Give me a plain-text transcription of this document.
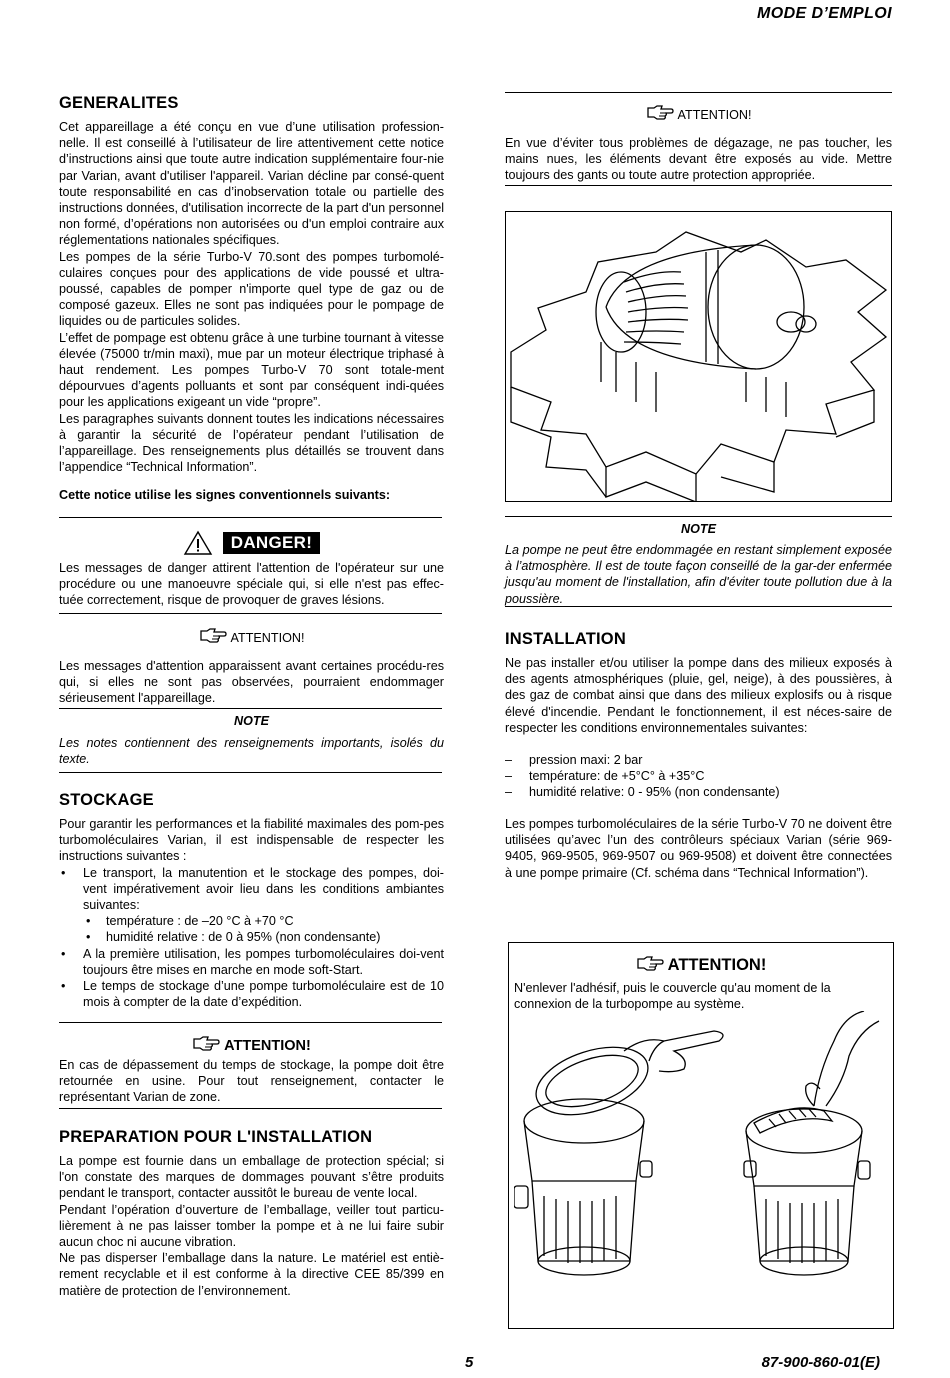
MODE D’EMPLOI
GENERALITES

Cet appareillage a été conçu en vue d’une utilisation profession-nelle. Il est conseillé à l’utilisateur de lire attentivement cette notice d’instructions ainsi que toute autre indication supplémentaire four-nie par Varian, avant d'utiliser l'appareil. Varian décline par consé-quent toute responsabilité en cas d’inobservation totale ou partielle des instructions données, d'utilisation incorrecte de la part d'un personnel non formé, d’opérations non autorisées ou d'un emploi contraire aux réglementations nationales spécifiques.

Les pompes de la série Turbo-V 70.sont des pompes turbomolé-culaires conçues pour des applications de vide poussé et ultra-poussé, capables de pomper n'importe quel type de gaz ou de composé gazeux. Elles ne sont pas indiquées pour le pompage de liquides ou de particules solides.

L’effet de pompage est obtenu grâce à une turbine tournant à vitesse élevée (75000 tr/min maxi), mue par un moteur électrique triphasé à haut rendement. Les pompes Turbo-V 70 sont totale-ment dépourvues d’agents polluants et sont par conséquent indi-quées pour les applications exigeant un vide “propre”.

Les paragraphes suivants donnent toutes les indications nécessaires à garantir la sécurité de l’opérateur pendant l’utilisation de l’appareillage. Des renseignements plus détaillés se trouvent dans l’appendice “Technical Information”.

Cette notice utilise les signes conventionnels suivants:

DANGER!

Les messages de danger attirent l'attention de l'opérateur sur une procédure ou une manoeuvre spéciale qui, si elle n'est pas effec-tuée correctement, risque de provoquer de graves lésions.

ATTENTION!

Les messages d'attention apparaissent avant certaines procédu-res qui, si elles ne sont pas observées, pourraient endommager sérieusement l'appareillage.

NOTE

Les notes contiennent des renseignements importants, isolés du texte.

STOCKAGE

Pour garantir les performances et la fiabilité maximales des pom-pes turbomoléculaires Varian, il est indispensable de respecter les instructions suivantes :

• Le transport, la manutention et le stockage des pompes, doi-vent impérativement avoir lieu dans les conditions ambiantes suivantes:
• température : de –20 °C à +70 °C
• humidité relative : de 0 à 95% (non condensante)
• A la première utilisation, les pompes turbomoléculaires doi-vent toujours être mises en marche en mode soft-Start.
• Le temps de stockage d’une pompe turbomoléculaire est de 10 mois à compter de la date d’expédition.
ATTENTION!

En cas de dépassement du temps de stockage, la pompe doit être retournée en usine. Pour tout renseignement, contacter le représentant Varian de zone.

PREPARATION POUR L'INSTALLATION

La pompe est fournie dans un emballage de protection spécial; si l'on constate des marques de dommages pouvant s’être produits pendant le transport, contacter aussitôt le bureau de vente local.

Pendant l’opération d’ouverture de l’emballage, veiller tout particu-lièrement à ne pas laisser tomber la pompe et à ne lui faire subir aucun choc ni aucune vibration.

Ne pas disperser l’emballage dans la nature. Le matériel est entiè-rement recyclable et il est conforme à la directive CEE 85/399 en matière de protection de l’environnement.

ATTENTION!

En vue d’éviter tous problèmes de dégazage, ne pas toucher, les mains nues, les éléments devant être exposés au vide. Mettre toujours des gants ou toute autre protection appropriée.

NOTE

La pompe ne peut être endommagée en restant simplement exposée à l’atmosphère. Il est de toute façon conseillé de la gar-der enfermée jusqu'au moment de l'installation, afin d'éviter toute pollution due à la poussière.

INSTALLATION

Ne pas installer et/ou utiliser la pompe dans des milieux exposés à des agents atmosphériques (pluie, gel, neige), à des poussières, à des gaz de combat ainsi que dans des milieux explosifs ou à risque élevé d'incendie. Pendant le fonctionnement, il est néces-saire de respecter les conditions environnementales suivantes:

– pression maxi: 2 bar
– température: de +5°C° à +35°C
– humidité relative: 0 - 95% (non condensante)

Les pompes turbomoléculaires de la série Turbo-V 70 ne doivent être utilisées qu’avec l’un des contrôleurs spéciaux Varian (série 969-9405, 969-9505, 969-9507 ou 969-9508) et doivent être connectées à une pompe primaire (Cf. schéma dans “Technical Information”).

ATTENTION!

N'enlever l'adhésif, puis le couvercle qu'au moment de la connexion de la turbopompe au système.

5	87-900-860-01(E)
